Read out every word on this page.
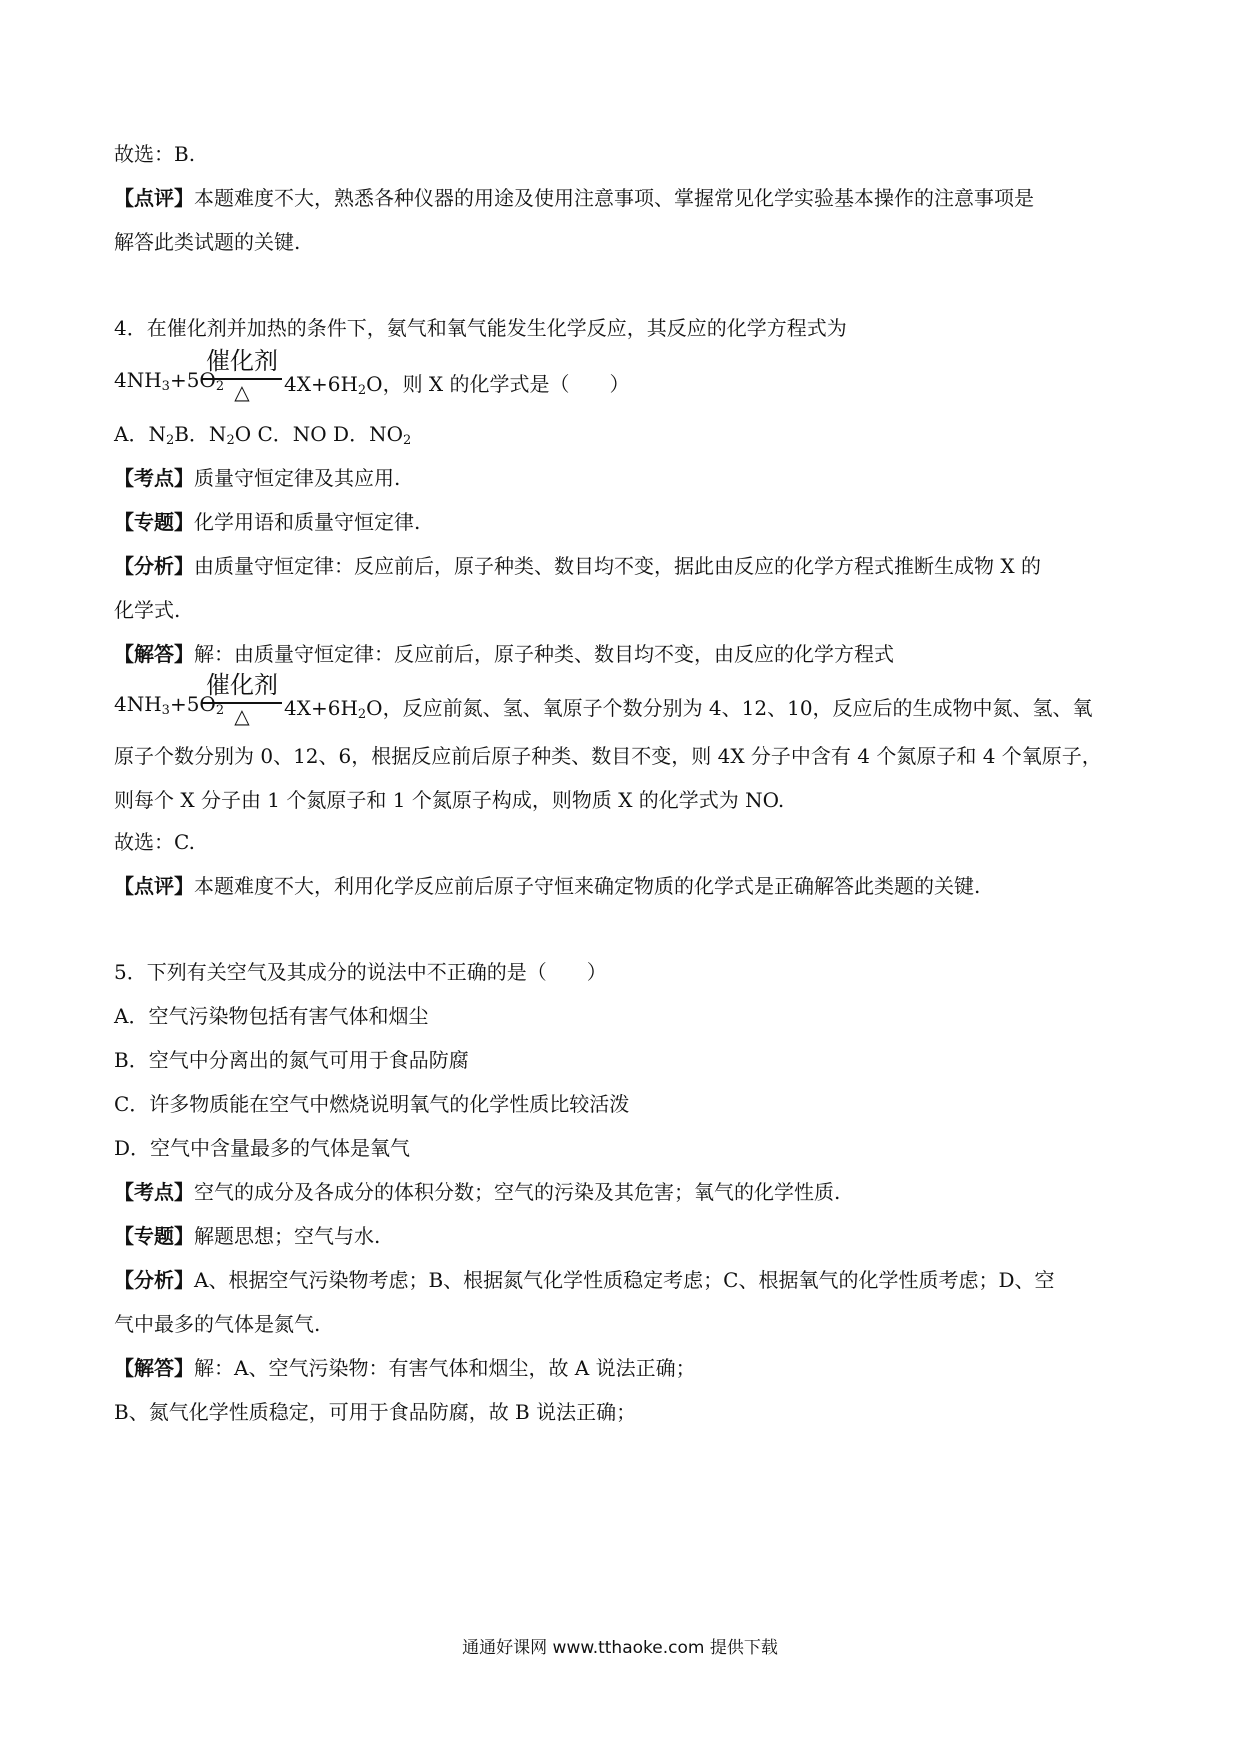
故选：B.
【点评】本题难度不大，熟悉各种仪器的用途及使用注意事项、掌握常见化学实验基本操作的注意事项是
解答此类试题的关键.
4．在催化剂并加热的条件下，氨气和氧气能发生化学反应，其反应的化学方程式为
$4NH_3+5O_2$
催化剂
△	$4X+6H_2O$，则 X 的化学式是（　　）
A．$N_2B$．$N_2O$ C．NO D．$NO_2$
【考点】质量守恒定律及其应用.
【专题】化学用语和质量守恒定律.
【分析】由质量守恒定律：反应前后，原子种类、数目均不变，据此由反应的化学方程式推断生成物 X 的
化学式.
【解答】解：由质量守恒定律：反应前后，原子种类、数目均不变，由反应的化学方程式
$4NH_3+5O_2$
催化剂
△	$4X+6H_2O$，反应前氮、氢、氧原子个数分别为 4、12、10，反应后的生成物中氮、氢、氧
原子个数分别为 0、12、6，根据反应前后原子种类、数目不变，则 4X 分子中含有 4 个氮原子和 4 个氧原子，
则每个 X 分子由 1 个氮原子和 1 个氮原子构成，则物质 X 的化学式为 NO.
故选：C.
【点评】本题难度不大，利用化学反应前后原子守恒来确定物质的化学式是正确解答此类题的关键.
5．下列有关空气及其成分的说法中不正确的是（　　）
A．空气污染物包括有害气体和烟尘
B．空气中分离出的氮气可用于食品防腐
C．许多物质能在空气中燃烧说明氧气的化学性质比较活泼
D．空气中含量最多的气体是氧气
【考点】空气的成分及各成分的体积分数；空气的污染及其危害；氧气的化学性质.
【专题】解题思想；空气与水.
【分析】A、根据空气污染物考虑；B、根据氮气化学性质稳定考虑；C、根据氧气的化学性质考虑；D、空
气中最多的气体是氮气.
【解答】解：A、空气污染物：有害气体和烟尘，故 A 说法正确；
B、氮气化学性质稳定，可用于食品防腐，故 B 说法正确；
通通好课网 www.tthaoke.com 提供下载
